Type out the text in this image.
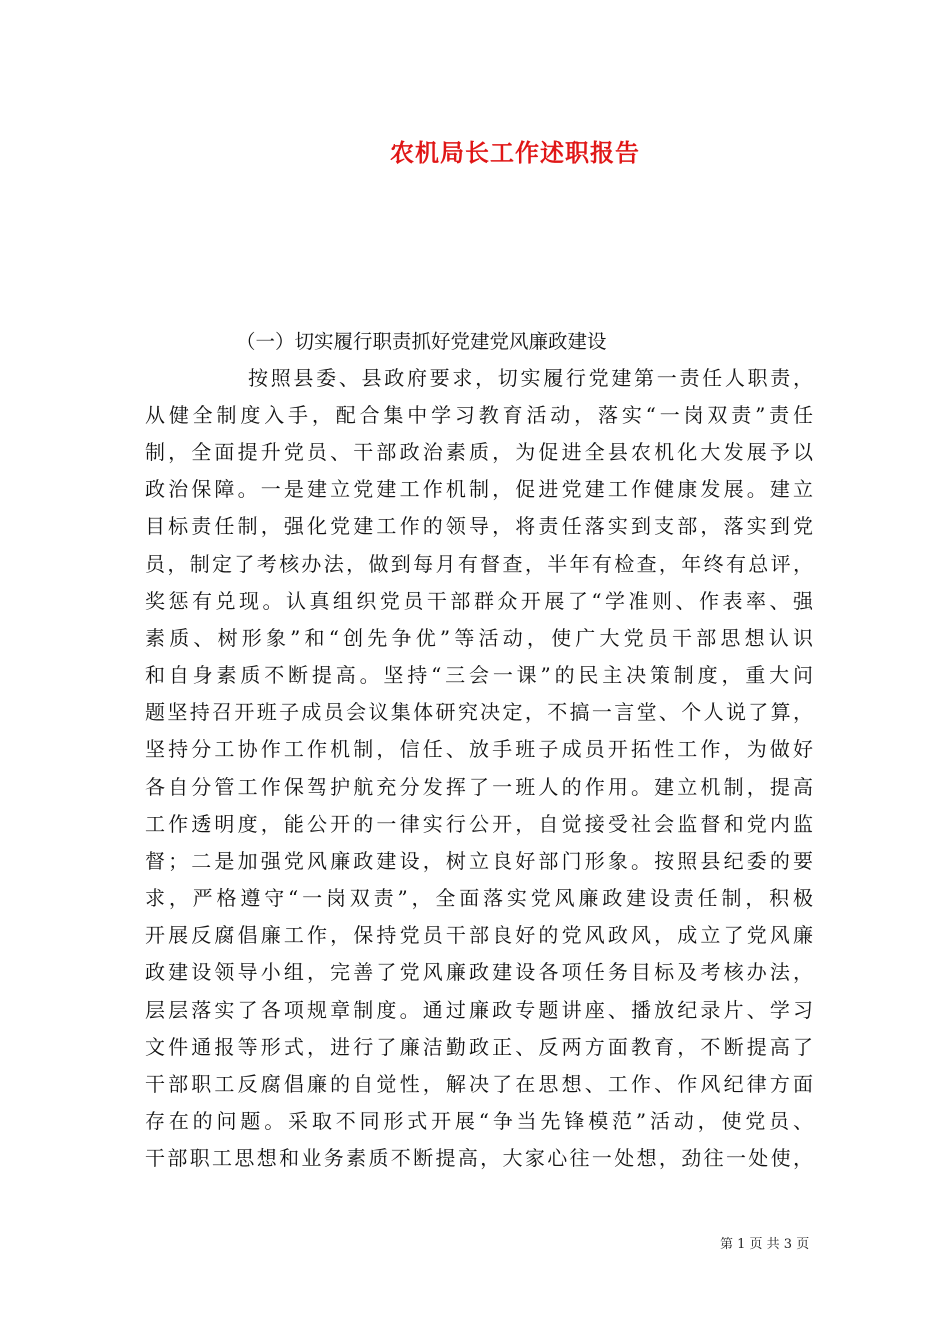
农机局长工作述职报告
（一）切实履行职责抓好党建党风廉政建设
按照县委、县政府要求，切实履行党建第一责任人职责，
从健全制度入手，配合集中学习教育活动，落实“一岗双责”责任
制，全面提升党员、干部政治素质，为促进全县农机化大发展予以
政治保障。一是建立党建工作机制，促进党建工作健康发展。建立
目标责任制，强化党建工作的领导，将责任落实到支部，落实到党
员，制定了考核办法，做到每月有督查，半年有检查，年终有总评，
奖惩有兑现。认真组织党员干部群众开展了“学准则、作表率、强
素质、树形象”和“创先争优”等活动，使广大党员干部思想认识
和自身素质不断提高。坚持“三会一课”的民主决策制度，重大问
题坚持召开班子成员会议集体研究决定，不搞一言堂、个人说了算，
坚持分工协作工作机制，信任、放手班子成员开拓性工作，为做好
各自分管工作保驾护航充分发挥了一班人的作用。建立机制，提高
工作透明度，能公开的一律实行公开，自觉接受社会监督和党内监
督；二是加强党风廉政建设，树立良好部门形象。按照县纪委的要
求，严格遵守“一岗双责”，全面落实党风廉政建设责任制，积极
开展反腐倡廉工作，保持党员干部良好的党风政风，成立了党风廉
政建设领导小组，完善了党风廉政建设各项任务目标及考核办法，
层层落实了各项规章制度。通过廉政专题讲座、播放纪录片、学习
文件通报等形式，进行了廉洁勤政正、反两方面教育，不断提高了
干部职工反腐倡廉的自觉性，解决了在思想、工作、作风纪律方面
存在的问题。采取不同形式开展“争当先锋模范”活动，使党员、
干部职工思想和业务素质不断提高，大家心往一处想，劲往一处使，
第 1 页 共 3 页
